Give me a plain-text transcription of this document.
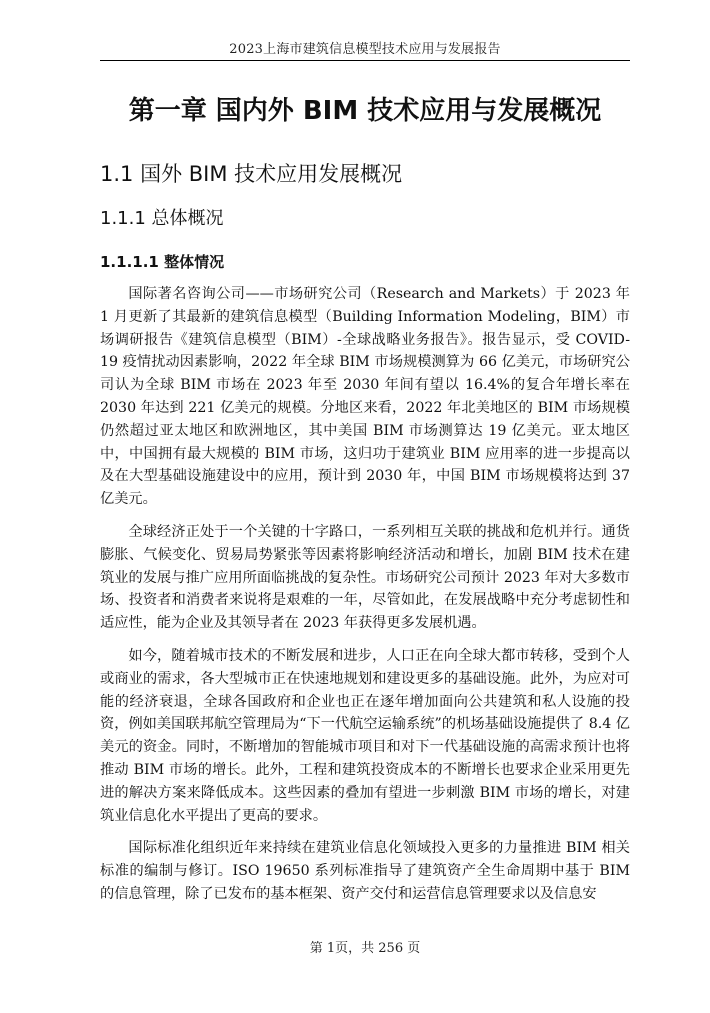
2023上海市建筑信息模型技术应用与发展报告
第一章 国内外 BIM 技术应用与发展概况
1.1 国外 BIM 技术应用发展概况
1.1.1 总体概况
1.1.1.1 整体情况

国际著名咨询公司——市场研究公司（Research and Markets）于 2023 年 1 月更新了其最新的建筑信息模型（Building Information Modeling，BIM）市场调研报告《建筑信息模型（BIM）-全球战略业务报告》。报告显示，受 COVID-19 疫情扰动因素影响，2022 年全球 BIM 市场规模测算为 66 亿美元，市场研究公司认为全球 BIM 市场在 2023 年至 2030 年间有望以 16.4%的复合年增长率在 2030 年达到 221 亿美元的规模。分地区来看，2022 年北美地区的 BIM 市场规模仍然超过亚太地区和欧洲地区，其中美国 BIM 市场测算达 19 亿美元。亚太地区中，中国拥有最大规模的 BIM 市场，这归功于建筑业 BIM 应用率的进一步提高以及在大型基础设施建设中的应用，预计到 2030 年，中国 BIM 市场规模将达到 37 亿美元。

全球经济正处于一个关键的十字路口，一系列相互关联的挑战和危机并行。通货膨胀、气候变化、贸易局势紧张等因素将影响经济活动和增长，加剧 BIM 技术在建筑业的发展与推广应用所面临挑战的复杂性。市场研究公司预计 2023 年对大多数市场、投资者和消费者来说将是艰难的一年，尽管如此，在发展战略中充分考虑韧性和适应性，能为企业及其领导者在 2023 年获得更多发展机遇。

如今，随着城市技术的不断发展和进步，人口正在向全球大都市转移，受到个人或商业的需求，各大型城市正在快速地规划和建设更多的基础设施。此外，为应对可能的经济衰退，全球各国政府和企业也正在逐年增加面向公共建筑和私人设施的投资，例如美国联邦航空管理局为“下一代航空运输系统”的机场基础设施提供了 8.4 亿美元的资金。同时，不断增加的智能城市项目和对下一代基础设施的高需求预计也将推动 BIM 市场的增长。此外，工程和建筑投资成本的不断增长也要求企业采用更先进的解决方案来降低成本。这些因素的叠加有望进一步刺激 BIM 市场的增长，对建筑业信息化水平提出了更高的要求。

国际标准化组织近年来持续在建筑业信息化领域投入更多的力量推进 BIM 相关标准的编制与修订。ISO 19650 系列标准指导了建筑资产全生命周期中基于 BIM 的信息管理，除了已发布的基本框架、资产交付和运营信息管理要求以及信息安

第 1页，共 256 页
